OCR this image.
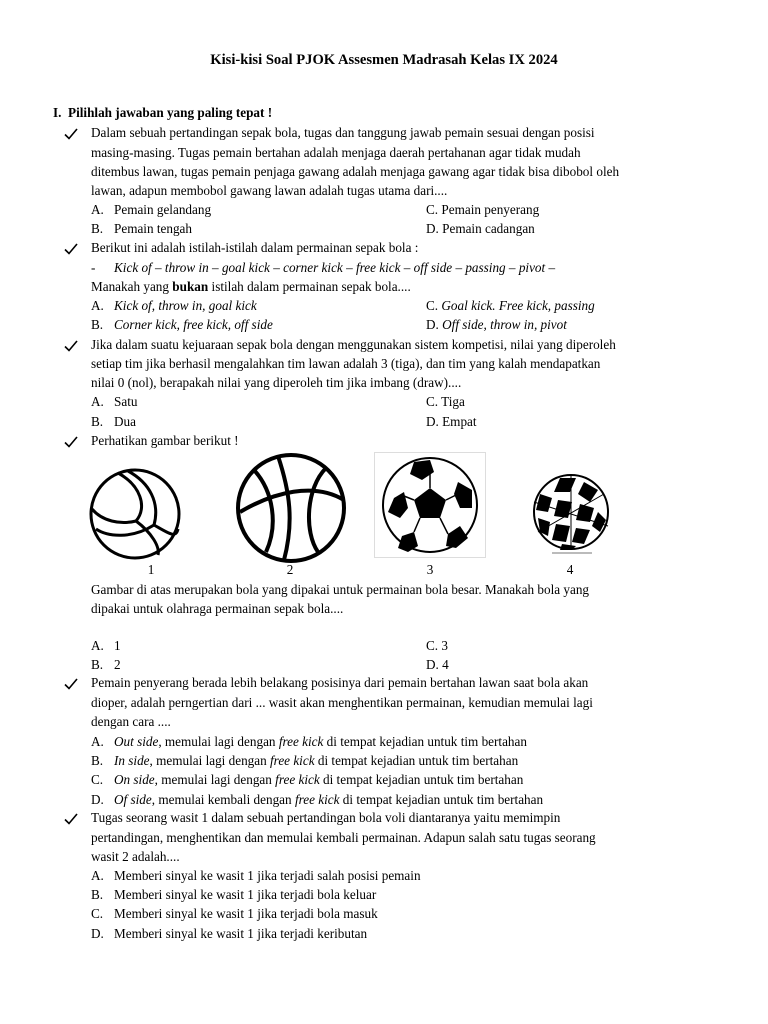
Kisi-kisi Soal PJOK Assesmen Madrasah Kelas IX 2024
I. Pilihlah jawaban yang paling tepat !
Dalam sebuah pertandingan sepak bola, tugas dan tanggung jawab pemain sesuai dengan posisi
masing-masing. Tugas pemain bertahan adalah menjaga daerah pertahanan agar tidak mudah
ditembus lawan, tugas pemain penjaga gawang adalah menjaga gawang agar tidak bisa dibobol oleh
lawan, adapun membobol gawang lawan adalah tugas utama dari....
A. Pemain gelandang	C. Pemain penyerang
B. Pemain tengah	D. Pemain cadangan
Berikut ini adalah istilah-istilah dalam permainan sepak bola :
- Kick of – throw in – goal kick – corner kick – free kick – off side – passing – pivot –
Manakah yang bukan istilah dalam permainan sepak bola....
A. Kick of, throw in, goal kick	C. Goal kick. Free kick, passing
B. Corner kick, free kick, off side	D. Off side, throw in, pivot
Jika dalam suatu kejuaraan sepak bola dengan menggunakan sistem kompetisi, nilai yang diperoleh
setiap tim jika berhasil mengalahkan tim lawan adalah 3 (tiga), dan tim yang kalah mendapatkan
nilai 0 (nol), berapakah nilai yang diperoleh tim jika imbang (draw)....
A. Satu	C. Tiga
B. Dua	D. Empat
Perhatikan gambar berikut !
1	2	3	4
Gambar di atas merupakan bola yang dipakai untuk permainan bola besar. Manakah bola yang
dipakai untuk olahraga permainan sepak bola....
A. 1	C. 3
B. 2	D. 4
Pemain penyerang berada lebih belakang posisinya dari pemain bertahan lawan saat bola akan
dioper, adalah perngertian dari ... wasit akan menghentikan permainan, kemudian memulai lagi
dengan cara ....
A. Out side, memulai lagi dengan free kick di tempat kejadian untuk tim bertahan
B. In side, memulai lagi dengan free kick di tempat kejadian untuk tim bertahan
C. On side, memulai lagi dengan free kick di tempat kejadian untuk tim bertahan
D. Of side, memulai kembali dengan free kick di tempat kejadian untuk tim bertahan
Tugas seorang wasit 1 dalam sebuah pertandingan bola voli diantaranya yaitu memimpin
pertandingan, menghentikan dan memulai kembali permainan. Adapun salah satu tugas seorang
wasit 2 adalah....
A. Memberi sinyal ke wasit 1 jika terjadi salah posisi pemain
B. Memberi sinyal ke wasit 1 jika terjadi bola keluar
C. Memberi sinyal ke wasit 1 jika terjadi bola masuk
D. Memberi sinyal ke wasit 1 jika terjadi keributan
